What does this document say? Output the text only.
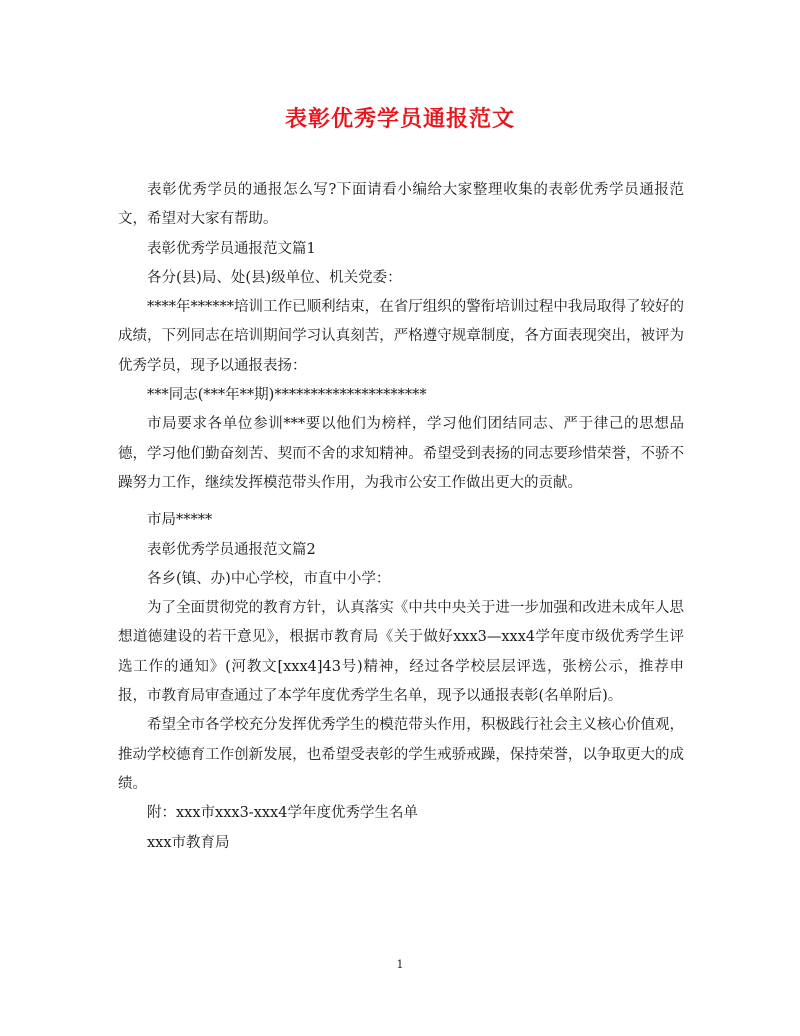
表彰优秀学员通报范文

表彰优秀学员的通报怎么写?下面请看小编给大家整理收集的表彰优秀学员通报范文，希望对大家有帮助。

表彰优秀学员通报范文篇1

各分(县)局、处(县)级单位、机关党委：

****年******培训工作已顺利结束，在省厅组织的警衔培训过程中我局取得了较好的成绩，下列同志在培训期间学习认真刻苦，严格遵守规章制度，各方面表现突出，被评为优秀学员，现予以通报表扬：

***同志(***年**期)*********************

市局要求各单位参训***要以他们为榜样，学习他们团结同志、严于律己的思想品德，学习他们勤奋刻苦、契而不舍的求知精神。希望受到表扬的同志要珍惜荣誉，不骄不躁努力工作，继续发挥模范带头作用，为我市公安工作做出更大的贡献。

市局*****

表彰优秀学员通报范文篇2

各乡(镇、办)中心学校，市直中小学：

为了全面贯彻党的教育方针，认真落实《中共中央关于进一步加强和改进未成年人思想道德建设的若干意见》，根据市教育局《关于做好xxx3—xxx4学年度市级优秀学生评选工作的通知》(河教文[xxx4]43号)精神，经过各学校层层评选，张榜公示，推荐申报，市教育局审查通过了本学年度优秀学生名单，现予以通报表彰(名单附后)。

希望全市各学校充分发挥优秀学生的模范带头作用，积极践行社会主义核心价值观，推动学校德育工作创新发展，也希望受表彰的学生戒骄戒躁，保持荣誉，以争取更大的成绩。

附：xxx市xxx3-xxx4学年度优秀学生名单

xxx市教育局

1
